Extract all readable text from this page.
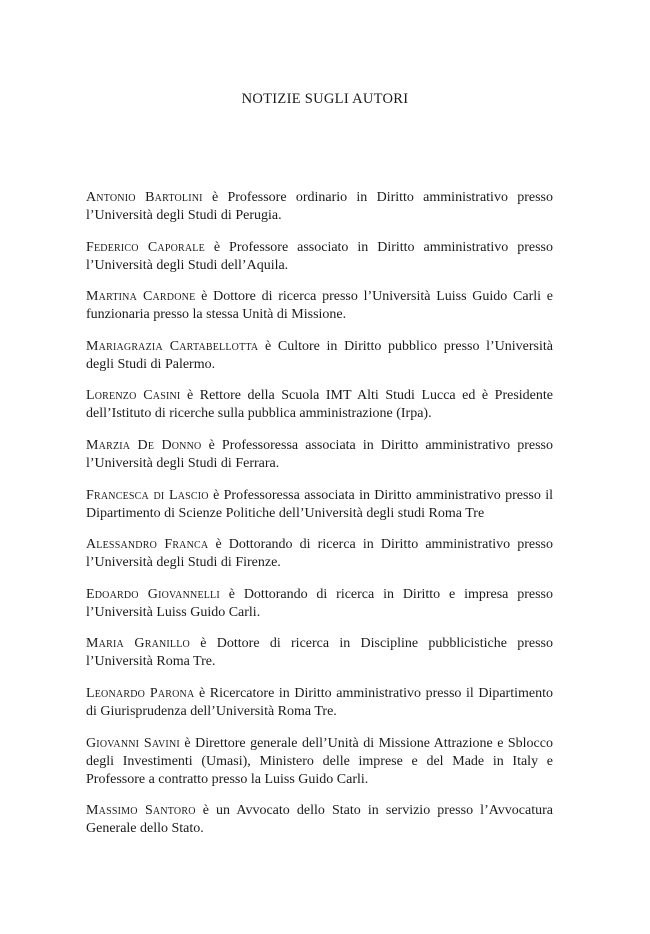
NOTIZIE SUGLI AUTORI
Antonio Bartolini è Professore ordinario in Diritto amministrativo presso l’Università degli Studi di Perugia.
Federico Caporale è Professore associato in Diritto amministrativo presso l’Università degli Studi dell’Aquila.
Martina Cardone è Dottore di ricerca presso l’Università Luiss Guido Carli e funzionaria presso la stessa Unità di Missione.
Mariagrazia Cartabellotta è Cultore in Diritto pubblico presso l’Università degli Studi di Palermo.
Lorenzo Casini è Rettore della Scuola IMT Alti Studi Lucca ed è Presidente dell’Istituto di ricerche sulla pubblica amministrazione (Irpa).
Marzia De Donno è Professoressa associata in Diritto amministrativo presso l’Università degli Studi di Ferrara.
Francesca di Lascio è Professoressa associata in Diritto amministrativo presso il Dipartimento di Scienze Politiche dell’Università degli studi Roma Tre
Alessandro Franca è Dottorando di ricerca in Diritto amministrativo presso l’Università degli Studi di Firenze.
Edoardo Giovannelli è Dottorando di ricerca in Diritto e impresa presso l’Università Luiss Guido Carli.
Maria Granillo è Dottore di ricerca in Discipline pubblicistiche presso l’Università Roma Tre.
Leonardo Parona è Ricercatore in Diritto amministrativo presso il Dipartimento di Giurisprudenza dell’Università Roma Tre.
Giovanni Savini è Direttore generale dell’Unità di Missione Attrazione e Sblocco degli Investimenti (Umasi), Ministero delle imprese e del Made in Italy e Professore a contratto presso la Luiss Guido Carli.
Massimo Santoro è un Avvocato dello Stato in servizio presso l’Avvocatura Generale dello Stato.
